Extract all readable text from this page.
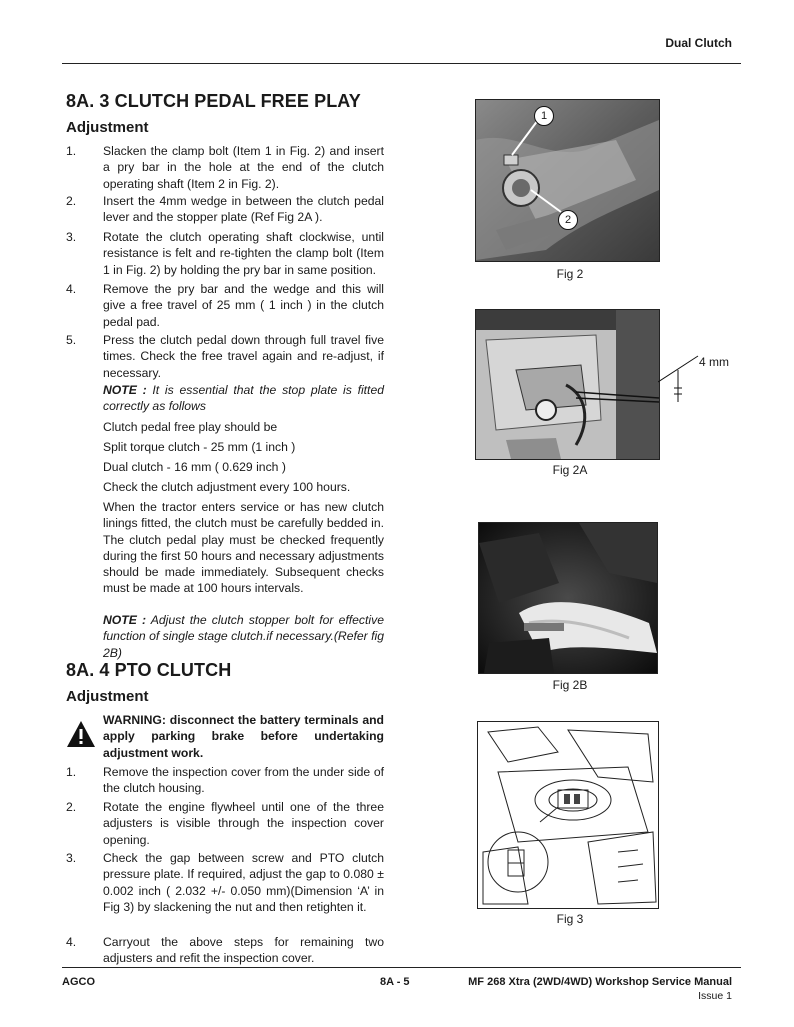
Dual Clutch
8A. 3 CLUTCH PEDAL FREE PLAY
Adjustment
1. Slacken the clamp bolt (Item 1 in Fig. 2) and insert a pry bar in the hole at the end of the clutch operating shaft (Item 2 in Fig. 2).
2. Insert the 4mm wedge in between the clutch pedal lever and the stopper plate (Ref Fig 2A ).
3. Rotate the clutch operating shaft clockwise, until resistance is felt and re-tighten the clamp bolt (Item 1 in Fig. 2) by holding the pry bar in same position.
4. Remove the pry bar and the wedge and this will give a free travel of 25 mm ( 1 inch ) in the clutch pedal pad.
5. Press the clutch pedal down through full travel five times. Check the free travel again and re-adjust, if necessary.
NOTE : It is essential that the stop plate is fitted correctly as follows
Clutch pedal free play should be
Split torque clutch - 25 mm (1 inch )
Dual clutch - 16 mm ( 0.629 inch )
Check the clutch adjustment every 100 hours.
When the tractor enters service or has new clutch linings fitted, the clutch must be carefully bedded in. The clutch pedal play must be checked frequently during the first 50 hours and necessary adjustments should be made immediately. Subsequent checks must be made at 100 hours intervals.
NOTE : Adjust the clutch stopper bolt for effective function of single stage clutch.if necessary.(Refer fig 2B)
8A. 4 PTO CLUTCH
Adjustment
WARNING: disconnect the battery terminals and apply parking brake before undertaking adjustment work.
1. Remove the inspection cover from the under side of the clutch housing.
2. Rotate the engine flywheel until one of the three adjusters is visible through the inspection cover opening.
3. Check the gap between screw and PTO clutch pressure plate. If required, adjust the gap to 0.080 ± 0.002 inch ( 2.032 +/- 0.050 mm)(Dimension ‘A’ in Fig 3) by slackening the nut and then retighten it.
4. Carryout the above steps for remaining two adjusters and refit the inspection cover.
1
2
Fig 2
4 mm
Fig 2A
Fig 2B
Fig 3
AGCO	8A - 5	MF 268 Xtra (2WD/4WD) Workshop Service Manual
Issue 1
